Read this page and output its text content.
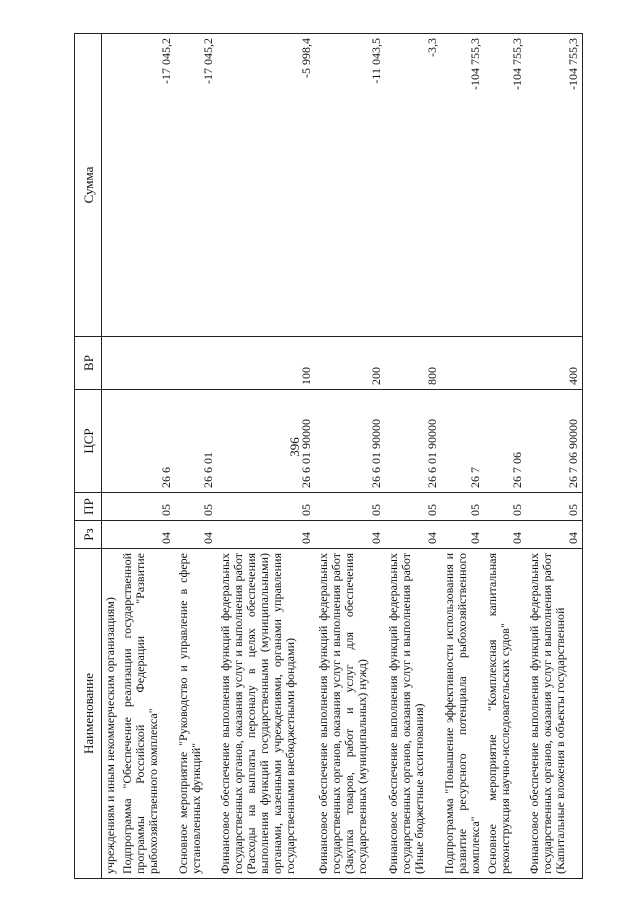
396
Наименование	Рз	ПР	ЦСР	ВР	Сумма
учреждениям и иным некоммерческим организациям)					
Подпрограмма "Обеспечение реализации государственной программы Российской Федерации "Развитие рыбохозяйственного комплекса"	04	05	26 6		-17 045,2
Основное мероприятие "Руководство и управление в сфере установленных функций"	04	05	26 6 01		-17 045,2
Финансовое обеспечение выполнения функций федеральных государственных органов, оказания услуг и выполнения работ (Расходы на выплаты персоналу в целях обеспечения выполнения функций государственными (муниципальными) органами, казенными учреждениями, органами управления государственными внебюджетными фондами)	04	05	26 6 01 90000	100	-5 998,4
Финансовое обеспечение выполнения функций федеральных государственных органов, оказания услуг и выполнения работ (Закупка товаров, работ и услуг для обеспечения государственных (муниципальных) нужд)	04	05	26 6 01 90000	200	-11 043,5
Финансовое обеспечение выполнения функций федеральных государственных органов, оказания услуг и выполнения работ (Иные бюджетные ассигнования)	04	05	26 6 01 90000	800	-3,3
Подпрограмма "Повышение эффективности использования и развитие ресурсного потенциала рыбохозяйственного комплекса"	04	05	26 7		-104 755,3
Основное мероприятие "Комплексная капитальная реконструкция научно-исследовательских судов"	04	05	26 7 06		-104 755,3
Финансовое обеспечение выполнения функций федеральных государственных органов, оказания услуг и выполнения работ (Капитальные вложения в объекты государственной	04	05	26 7 06 90000	400	-104 755,3
